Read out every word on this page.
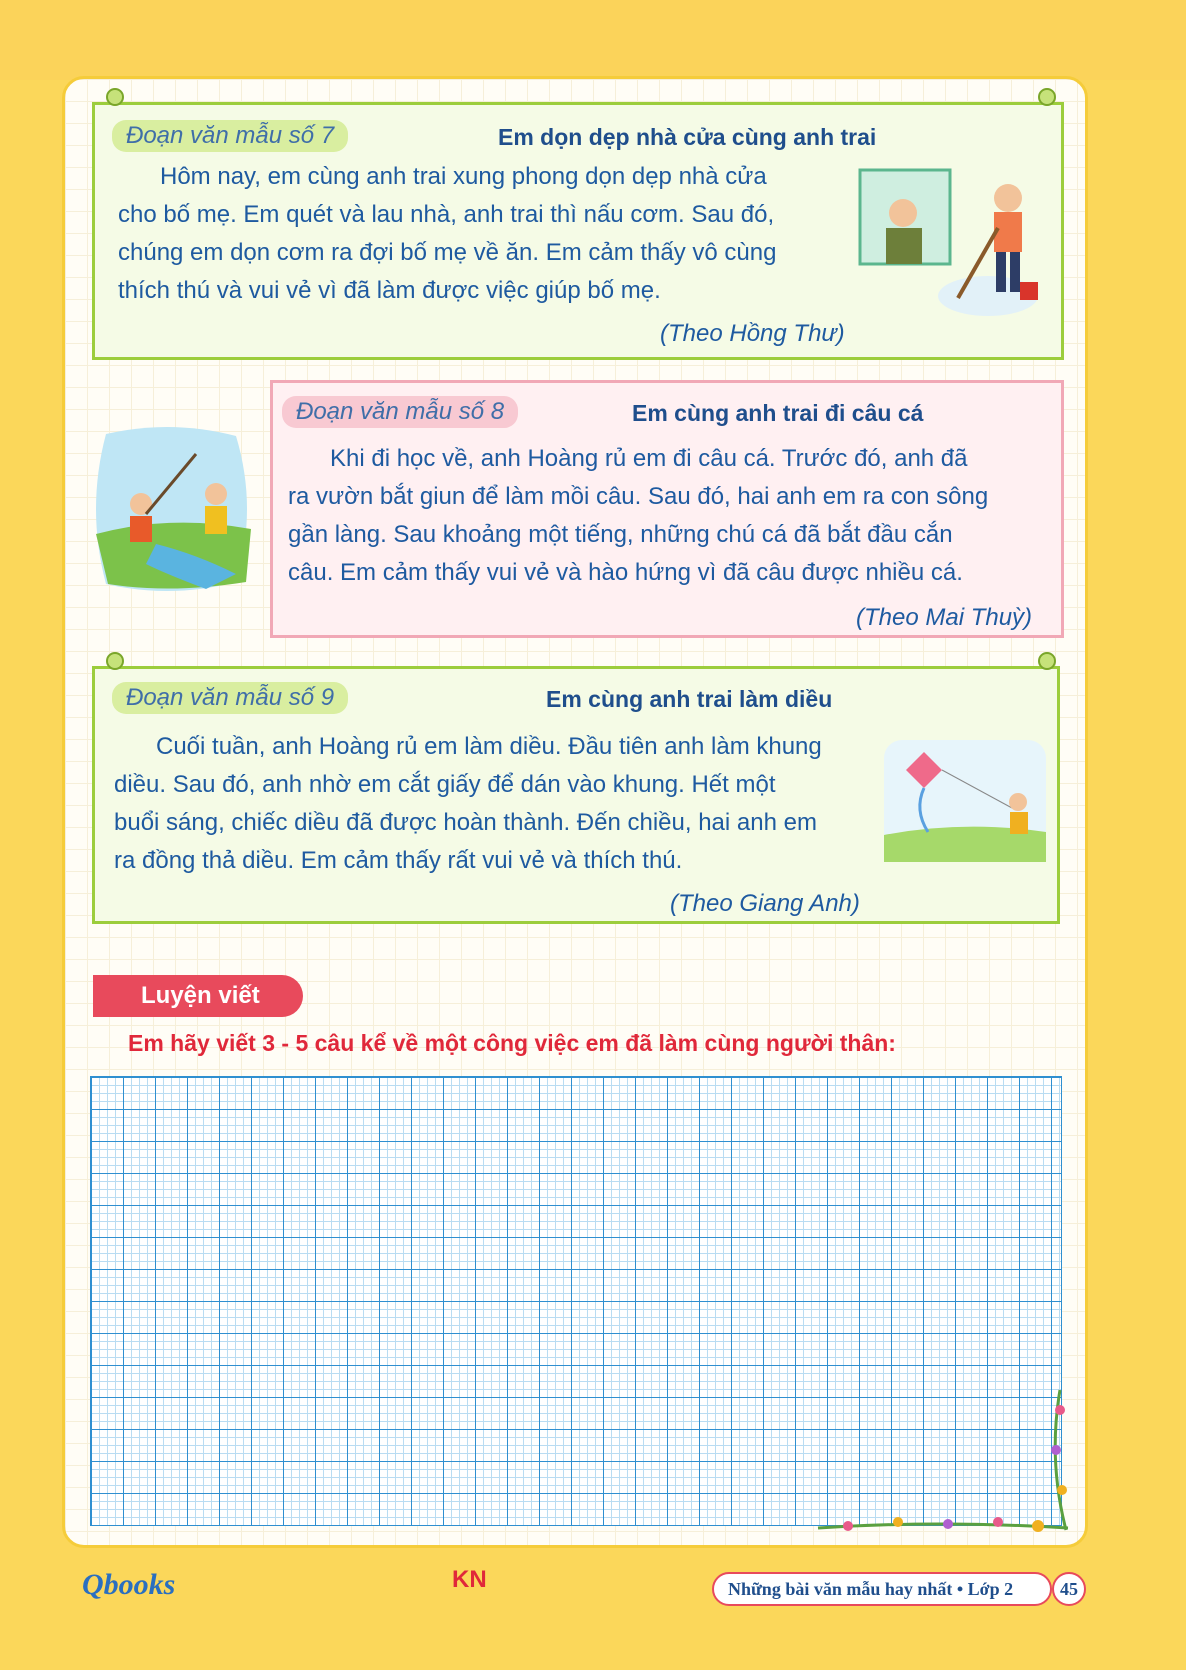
Đoạn văn mẫu số 7	Em dọn dẹp nhà cửa cùng anh trai
Hôm nay, em cùng anh trai xung phong dọn dẹp nhà cửa
cho bố mẹ. Em quét và lau nhà, anh trai thì nấu cơm. Sau đó,
chúng em dọn cơm ra đợi bố mẹ về ăn. Em cảm thấy vô cùng
thích thú và vui vẻ vì đã làm được việc giúp bố mẹ.
(Theo Hồng Thư)
Đoạn văn mẫu số 8	Em cùng anh trai đi câu cá
Khi đi học về, anh Hoàng rủ em đi câu cá. Trước đó, anh đã
ra vườn bắt giun để làm mồi câu. Sau đó, hai anh em ra con sông
gần làng. Sau khoảng một tiếng, những chú cá đã bắt đầu cắn
câu. Em cảm thấy vui vẻ và hào hứng vì đã câu được nhiều cá.
(Theo Mai Thuỳ)
Đoạn văn mẫu số 9	Em cùng anh trai làm diều
Cuối tuần, anh Hoàng rủ em làm diều. Đầu tiên anh làm khung
diều. Sau đó, anh nhờ em cắt giấy để dán vào khung. Hết một
buổi sáng, chiếc diều đã được hoàn thành. Đến chiều, hai anh em
ra đồng thả diều. Em cảm thấy rất vui vẻ và thích thú.
(Theo Giang Anh)
Luyện viết
Em hãy viết 3 - 5 câu kể về một công việc em đã làm cùng người thân:
Qbooks	KN	Những bài văn mẫu hay nhất • Lớp 2	45
